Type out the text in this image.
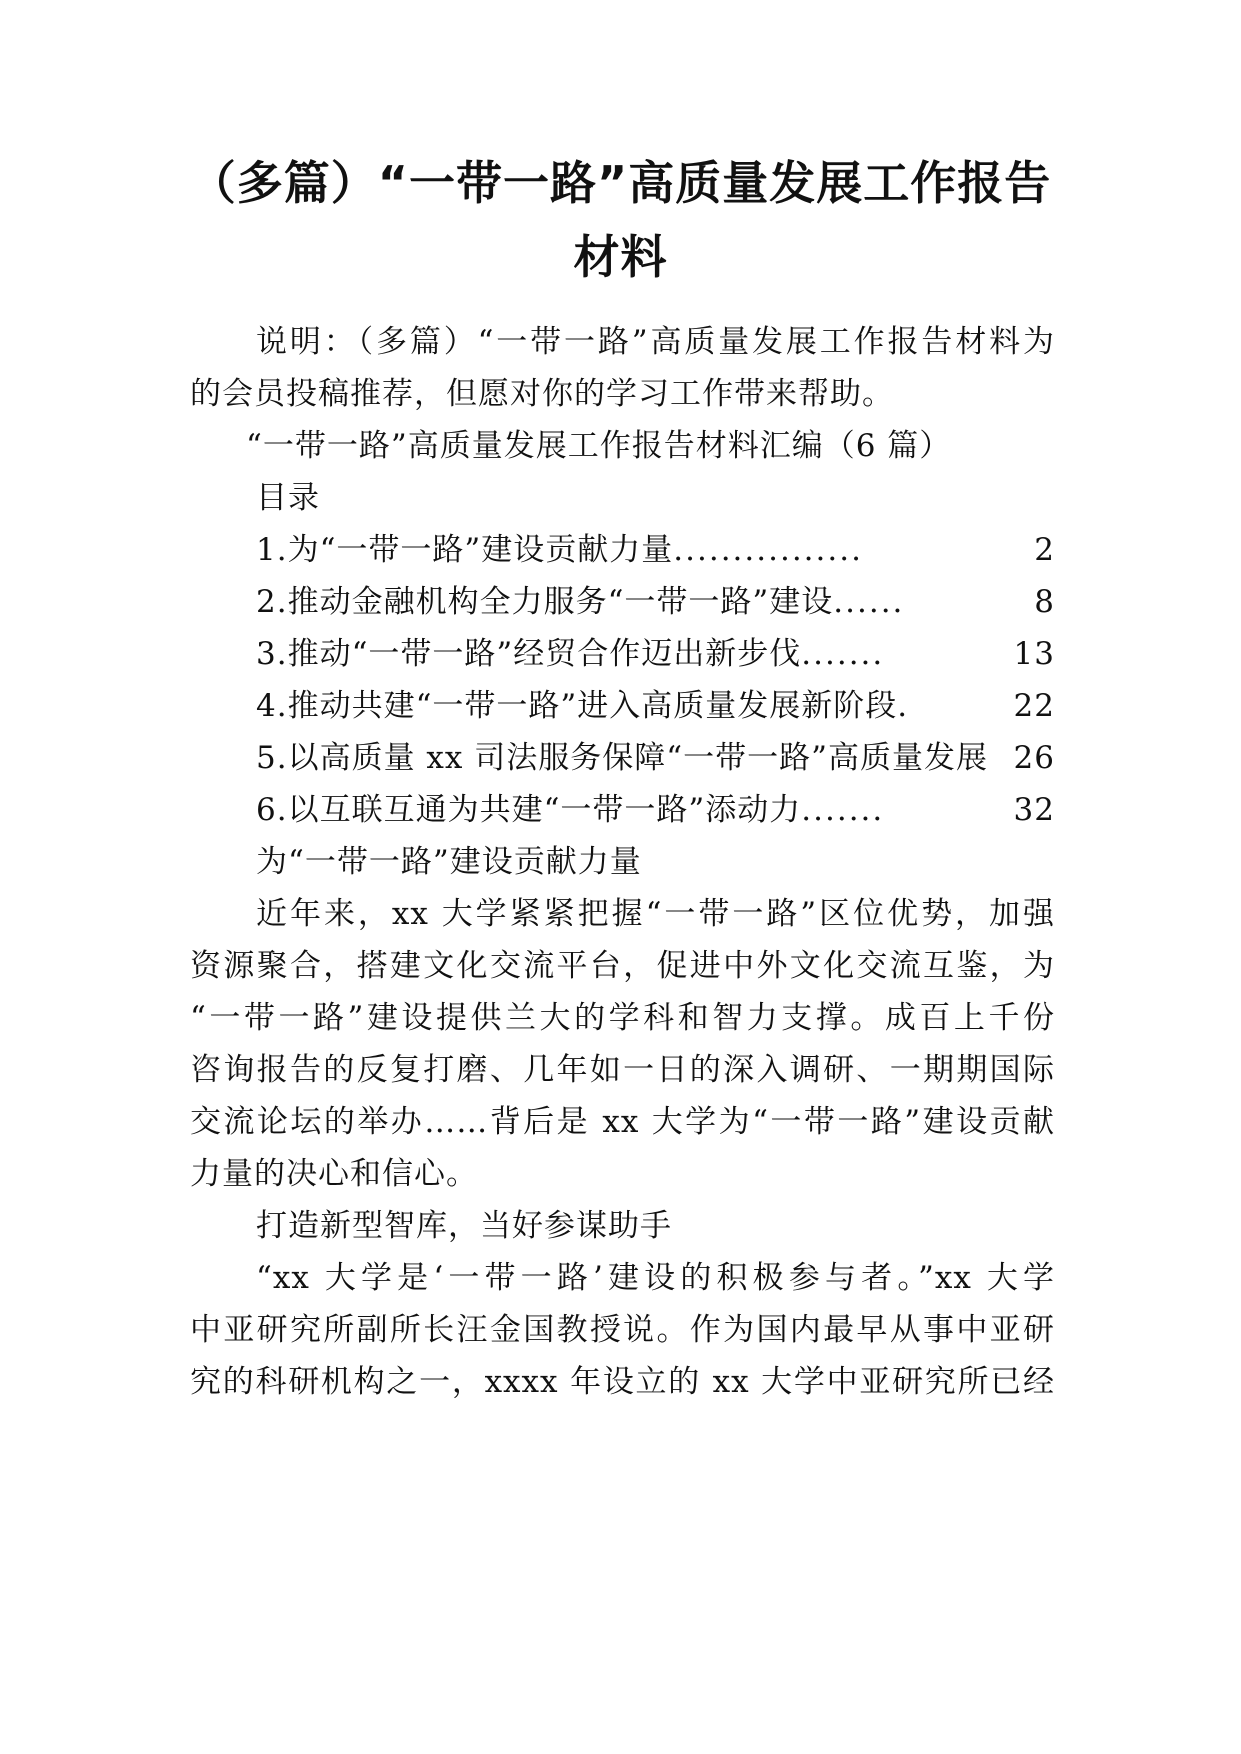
（多篇）“一带一路”高质量发展工作报告
材料
说明：（多篇）“一带一路”高质量发展工作报告材料为
的会员投稿推荐，但愿对你的学习工作带来帮助。
“一带一路”高质量发展工作报告材料汇编（6 篇）
目录
1.为“一带一路”建设贡献力量 ................	2
2.推动金融机构全力服务“一带一路”建设 ......	8
3.推动“一带一路”经贸合作迈出新步伐 .......	13
4.推动共建“一带一路”进入高质量发展新阶段 .	22
5.以高质量 xx 司法服务保障“一带一路”高质量发展 26
6.以互联互通为共建“一带一路”添动力 .......	32
为“一带一路”建设贡献力量
近年来，xx 大学紧紧把握“一带一路”区位优势，加强
资源聚合，搭建文化交流平台，促进中外文化交流互鉴，为
“一带一路”建设提供兰大的学科和智力支撑。成百上千份
咨询报告的反复打磨、几年如一日的深入调研、一期期国际
交流论坛的举办……背后是 xx 大学为“一带一路”建设贡献
力量的决心和信心。
打造新型智库，当好参谋助手
“xx 大学是‘一带一路’建设的积极参与者。”xx 大学
中亚研究所副所长汪金国教授说。作为国内最早从事中亚研
究的科研机构之一，xxxx 年设立的 xx 大学中亚研究所已经
